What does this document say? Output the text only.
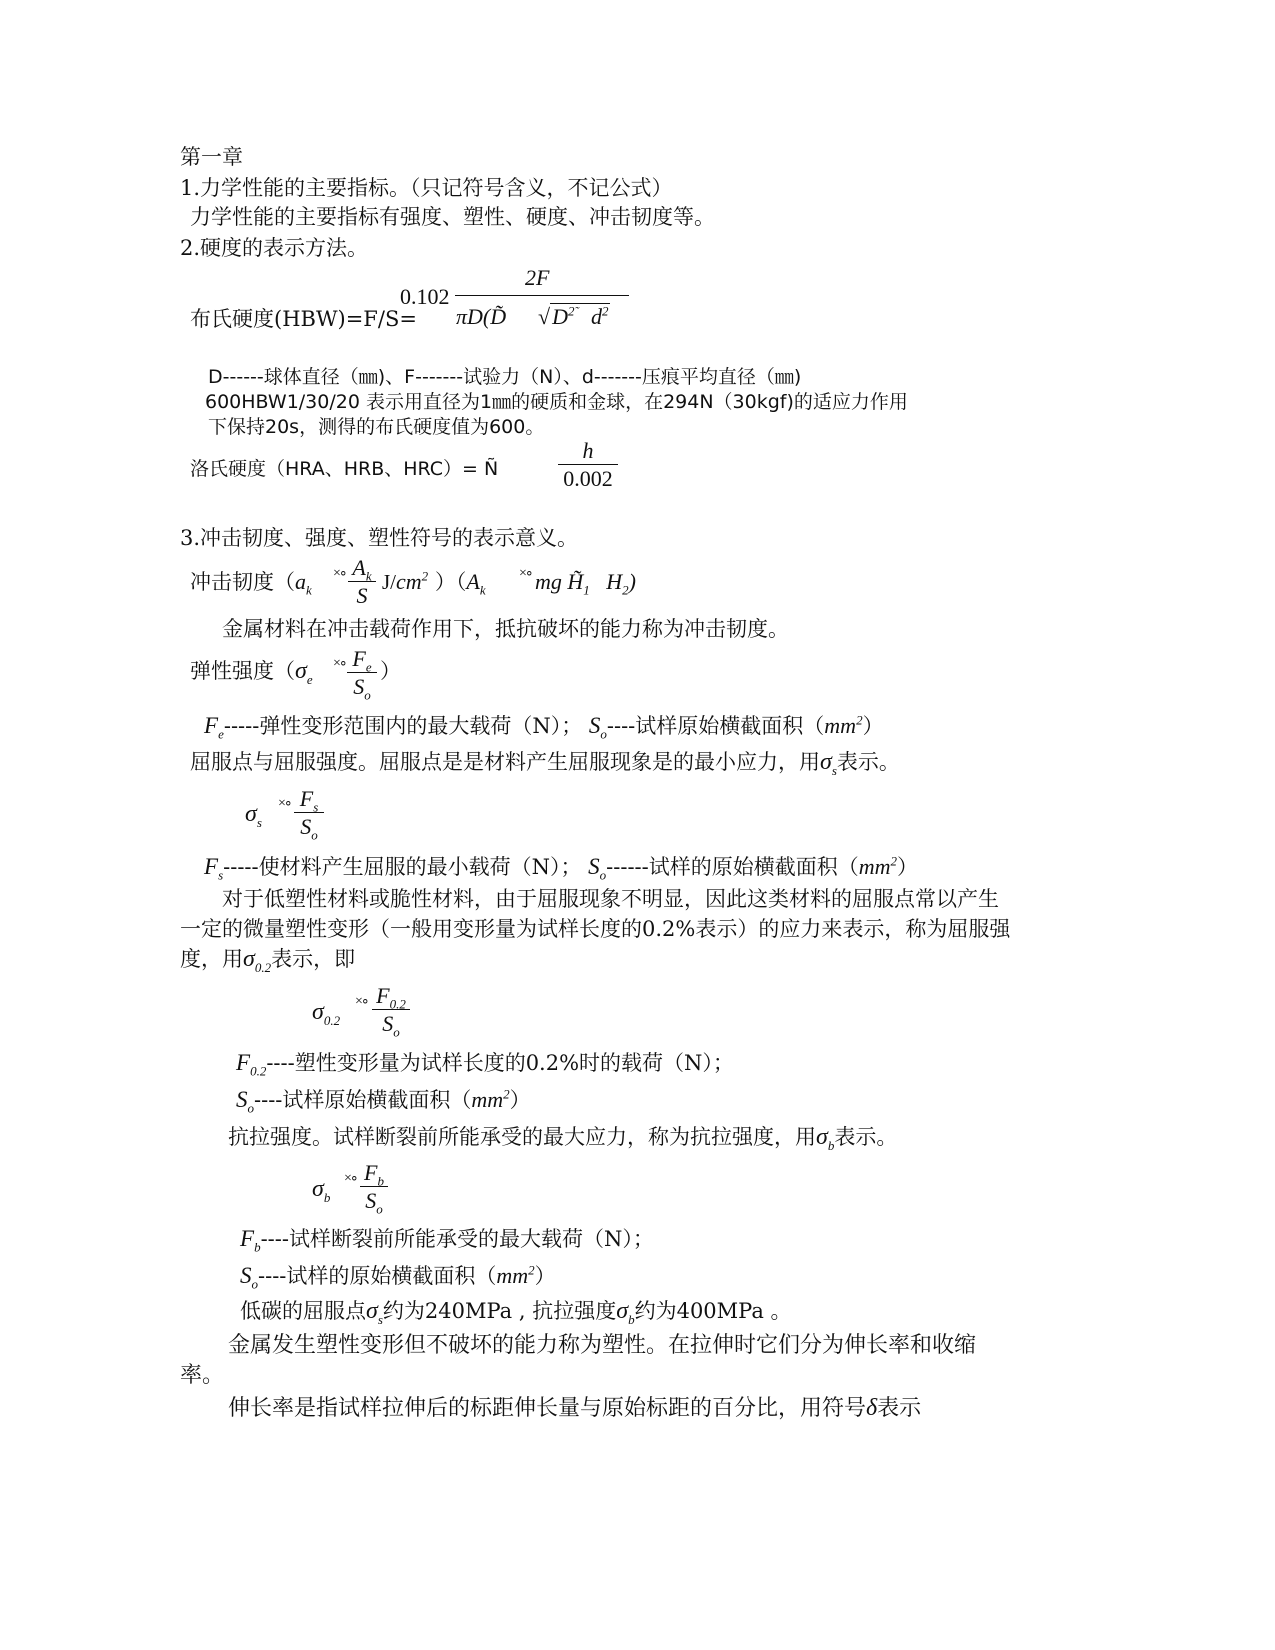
第一章
1.力学性能的主要指标。（只记符号含义，不记公式）
力学性能的主要指标有强度、塑性、硬度、冲击韧度等。
2.硬度的表示方法。
布氏硬度(HBW)=F/S=
0.102
2F
πD(D̃ $√D^{2̃}$ $d^2$
D------球体直径（㎜)、F-------试验力（N）、d-------压痕平均直径（㎜)
600HBW1/30/20 表示用直径为1㎜的硬质和金球，在294N（30kgf)的适应力作用
下保持20s，测得的布氏硬度值为600。
洛氏硬度（HRA、HRB、HRC）= Ñ
h
0.002
3.冲击韧度、强度、塑性符号的表示意义。
冲击韧度（$a_k$
×∘ $A_k$
S
$J/cm^2$ ）（$A_k$
×∘ mg $H̃_1$ $H_2$)
金属材料在冲击载荷作用下，抵抗破坏的能力称为冲击韧度。
弹性强度（$\sigma_e$
×∘ $F_e$
$S_o$
）
$F_e-----$弹性变形范围内的最大载荷（N）； $S_o----$试样原始横截面积$(mm^2)$
屈服点与屈服强度。屈服点是是材料产生屈服现象是的最小应力，用$\sigma_s$表示。
$\sigma_s$
×∘ $F_s$
$S_o$
$F_s-----$使材料产生屈服的最小载荷（N）； $S_o------$试样的原始横截面积$(mm^2)$
对于低塑性材料或脆性材料，由于屈服现象不明显，因此这类材料的屈服点常以产生
一定的微量塑性变形（一般用变形量为试样长度的0.2%表示）的应力来表示，称为屈服强
度，用$\sigma_{0.2}$表示，即
$\sigma_{0.2}$
×∘ $F_{0.2}$
$S_o$
$F_{0.2}----$塑性变形量为试样长度的0.2%时的载荷（N）；
$S_o----$试样原始横截面积$(mm^2)$
抗拉强度。试样断裂前所能承受的最大应力，称为抗拉强度，用$\sigma_b$表示。
$\sigma_b$
×∘ $F_b$
$S_o$
$F_b----$试样断裂前所能承受的最大载荷（N）；
$S_o----$试样的原始横截面积$(mm^2)$
低碳的屈服点$\sigma_s$约为240MPa , 抗拉强度$\sigma_b$约为400MPa 。
金属发生塑性变形但不破坏的能力称为塑性。在拉伸时它们分为伸长率和收缩
率。
伸长率是指试样拉伸后的标距伸长量与原始标距的百分比，用符号δ表示
